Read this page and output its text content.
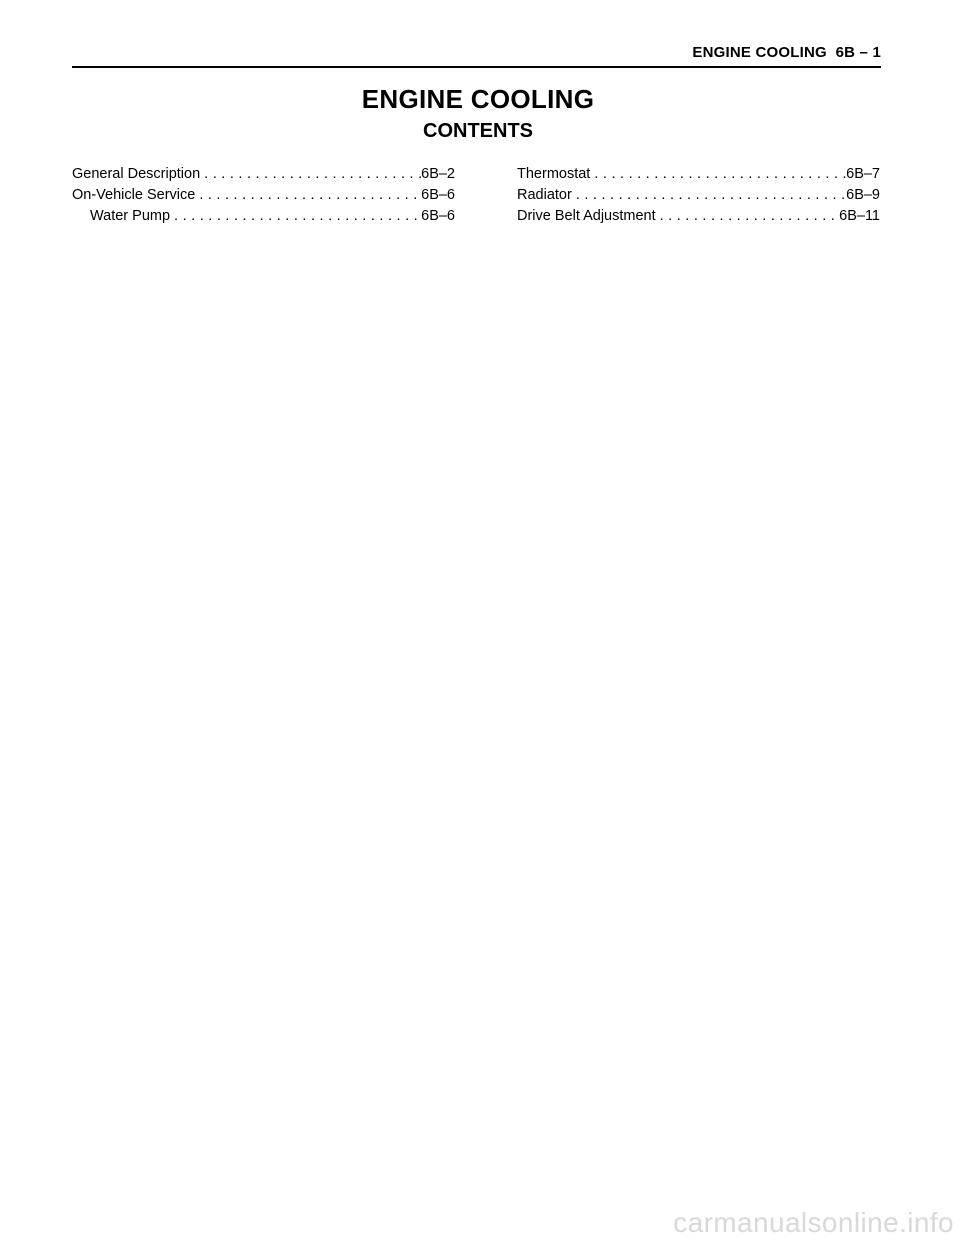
ENGINE COOLING  6B – 1
ENGINE COOLING
CONTENTS
General Description . . .	6B–2
On-Vehicle Service . . .	6B–6
Water Pump . . .	6B–6
Thermostat . . .	6B–7
Radiator . . .	6B–9
Drive Belt Adjustment . . .	6B–11
carmanualsonline.info
